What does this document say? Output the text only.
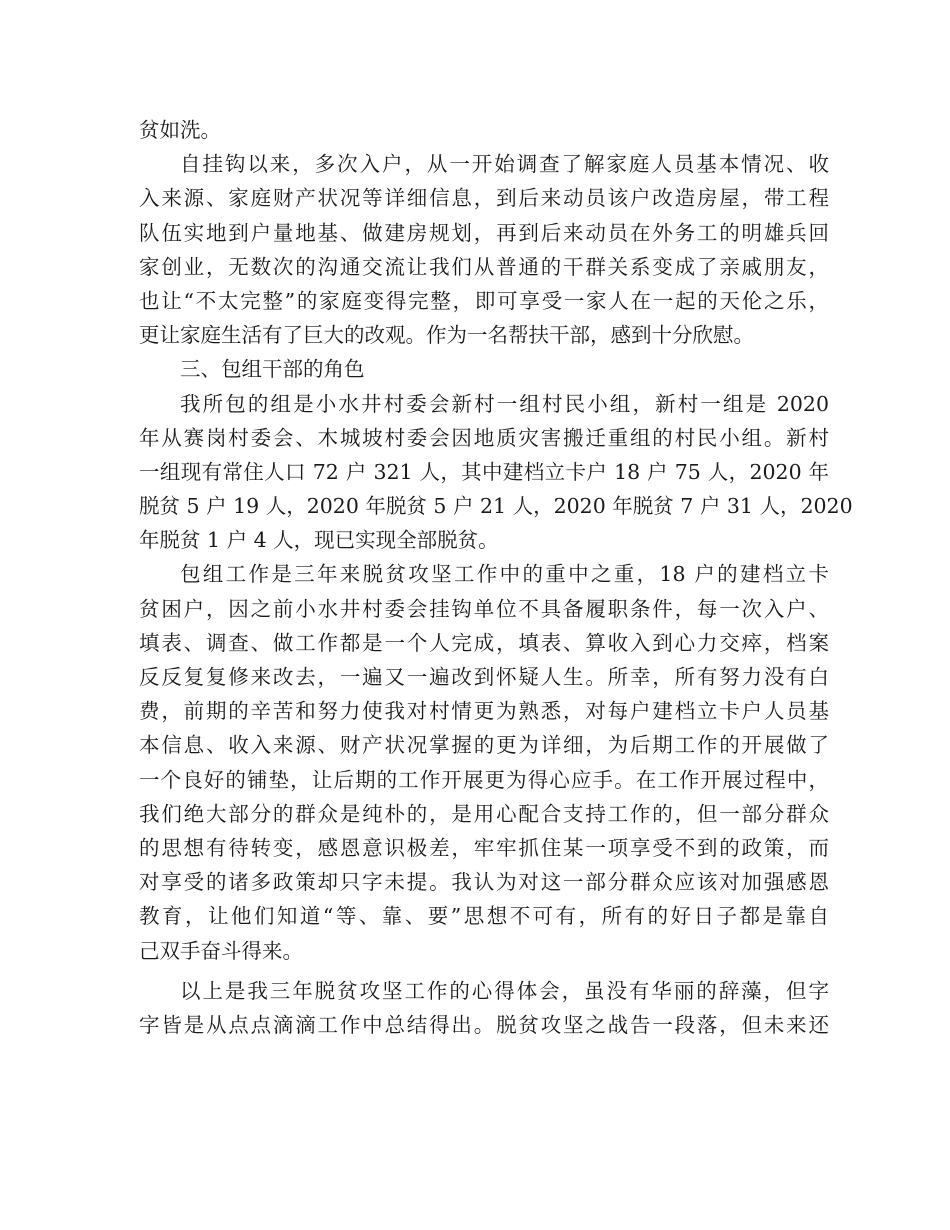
贫如洗。
自挂钩以来，多次入户，从一开始调查了解家庭人员基本情况、收
入来源、家庭财产状况等详细信息，到后来动员该户改造房屋，带工程
队伍实地到户量地基、做建房规划，再到后来动员在外务工的明雄兵回
家创业，无数次的沟通交流让我们从普通的干群关系变成了亲戚朋友，
也让“不太完整”的家庭变得完整，即可享受一家人在一起的天伦之乐，
更让家庭生活有了巨大的改观。作为一名帮扶干部，感到十分欣慰。
三、包组干部的角色
我所包的组是小水井村委会新村一组村民小组，新村一组是 2020
年从赛岗村委会、木城坡村委会因地质灾害搬迁重组的村民小组。新村
一组现有常住人口 72 户 321 人，其中建档立卡户 18 户 75 人，2020 年
脱贫 5 户 19 人，2020 年脱贫 5 户 21 人，2020 年脱贫 7 户 31 人，2020
年脱贫 1 户 4 人，现已实现全部脱贫。
包组工作是三年来脱贫攻坚工作中的重中之重，18 户的建档立卡
贫困户，因之前小水井村委会挂钩单位不具备履职条件，每一次入户、
填表、调查、做工作都是一个人完成，填表、算收入到心力交瘁，档案
反反复复修来改去，一遍又一遍改到怀疑人生。所幸，所有努力没有白
费，前期的辛苦和努力使我对村情更为熟悉，对每户建档立卡户人员基
本信息、收入来源、财产状况掌握的更为详细，为后期工作的开展做了
一个良好的铺垫，让后期的工作开展更为得心应手。在工作开展过程中，
我们绝大部分的群众是纯朴的，是用心配合支持工作的，但一部分群众
的思想有待转变，感恩意识极差，牢牢抓住某一项享受不到的政策，而
对享受的诸多政策却只字未提。我认为对这一部分群众应该对加强感恩
教育，让他们知道“等、靠、要”思想不可有，所有的好日子都是靠自
己双手奋斗得来。
以上是我三年脱贫攻坚工作的心得体会，虽没有华丽的辞藻，但字
字皆是从点点滴滴工作中总结得出。脱贫攻坚之战告一段落，但未来还
